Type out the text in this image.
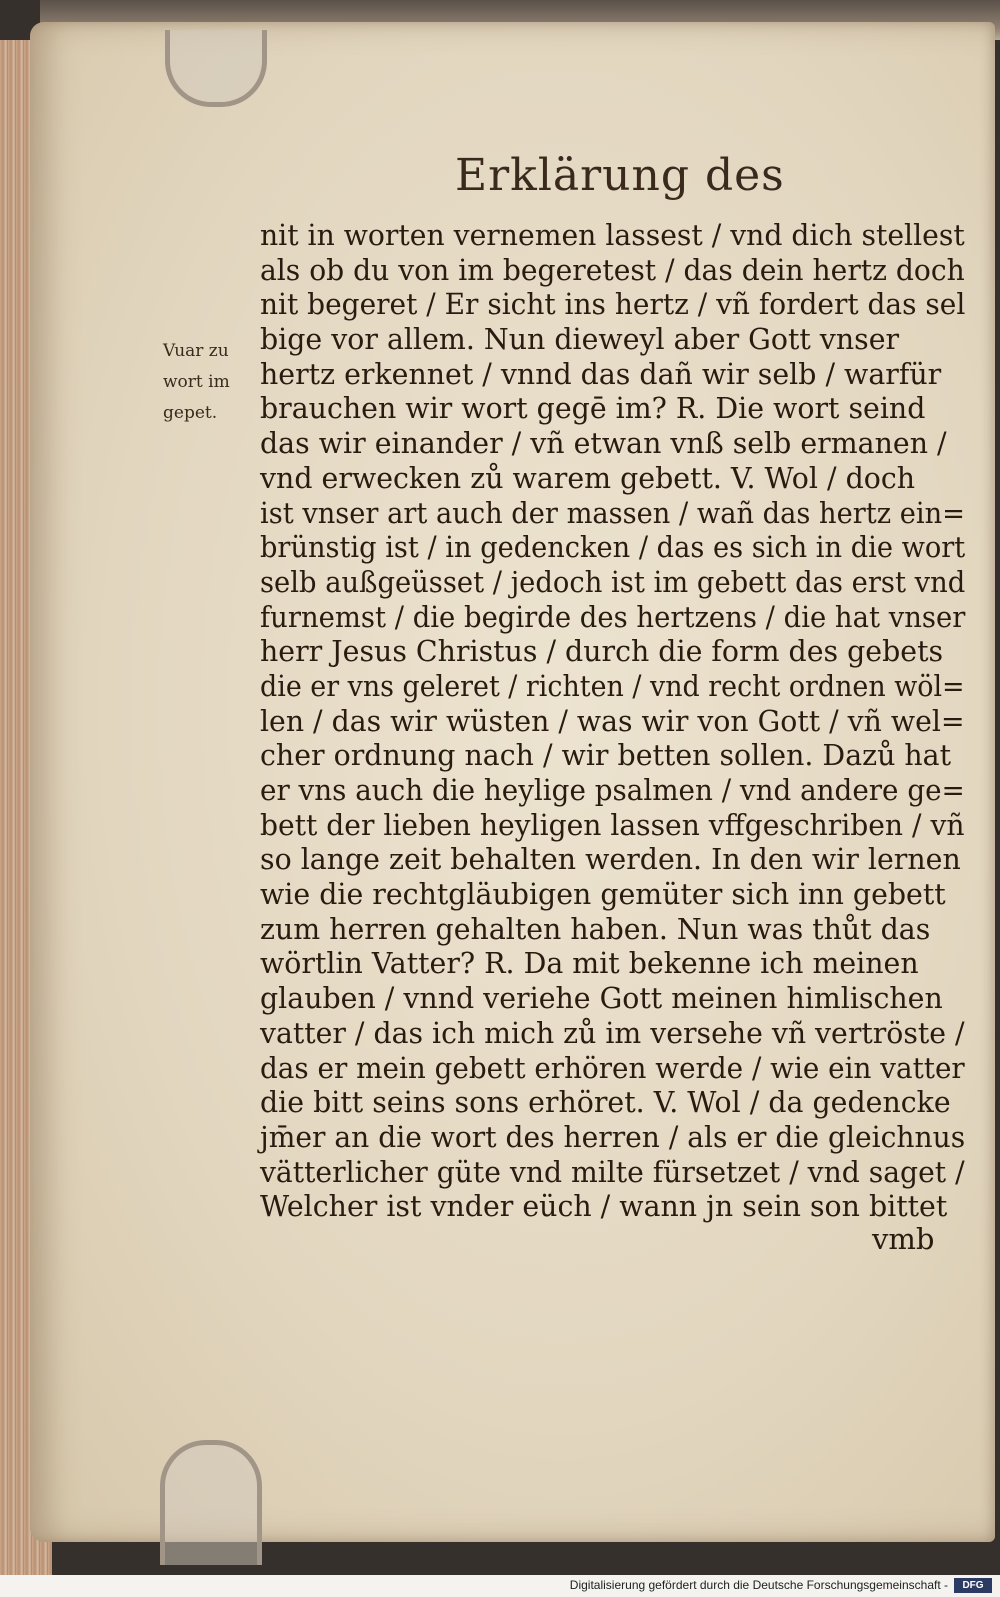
Erklärung des
Vuar zu
wort im
gepet.
nit in worten vernemen lassest / vnd dich stellest
als ob du von im begeretest / das dein hertz doch
nit begeret / Er sicht ins hertz / vñ fordert das sel
bige vor allem. Nun dieweyl aber Gott vnser
hertz erkennet / vnnd das dañ wir selb / warfür
brauchen wir wort gegē im? R. Die wort seind
das wir einander / vñ etwan vnß selb ermanen /
vnd erwecken zů warem gebett. V. Wol / doch
ist vnser art auch der massen / wañ das hertz ein=
brünstig ist / in gedencken / das es sich in die wort
selb außgeüsset / jedoch ist im gebett das erst vnd
furnemst / die begirde des hertzens / die hat vnser
herr Jesus Christus / durch die form des gebets
die er vns geleret / richten / vnd recht ordnen wöl=
len / das wir wüsten / was wir von Gott / vñ wel=
cher ordnung nach / wir betten sollen. Dazů hat
er vns auch die heylige psalmen / vnd andere ge=
bett der lieben heyligen lassen vffgeschriben / vñ
so lange zeit behalten werden. In den wir lernen
wie die rechtgläubigen gemüter sich inn gebett
zum herren gehalten haben. Nun was thůt das
wörtlin Vatter? R. Da mit bekenne ich meinen
glauben / vnnd veriehe Gott meinen himlischen
vatter / das ich mich zů im versehe vñ vertröste /
das er mein gebett erhören werde / wie ein vatter
die bitt seins sons erhöret. V. Wol / da gedencke
jm̄er an die wort des herren / als er die gleichnus
vätterlicher güte vnd milte fürsetzet / vnd saget /
Welcher ist vnder eüch / wann jn sein son bittet
vmb
Digitalisierung gefördert durch die Deutsche Forschungsgemeinschaft -	DFG
